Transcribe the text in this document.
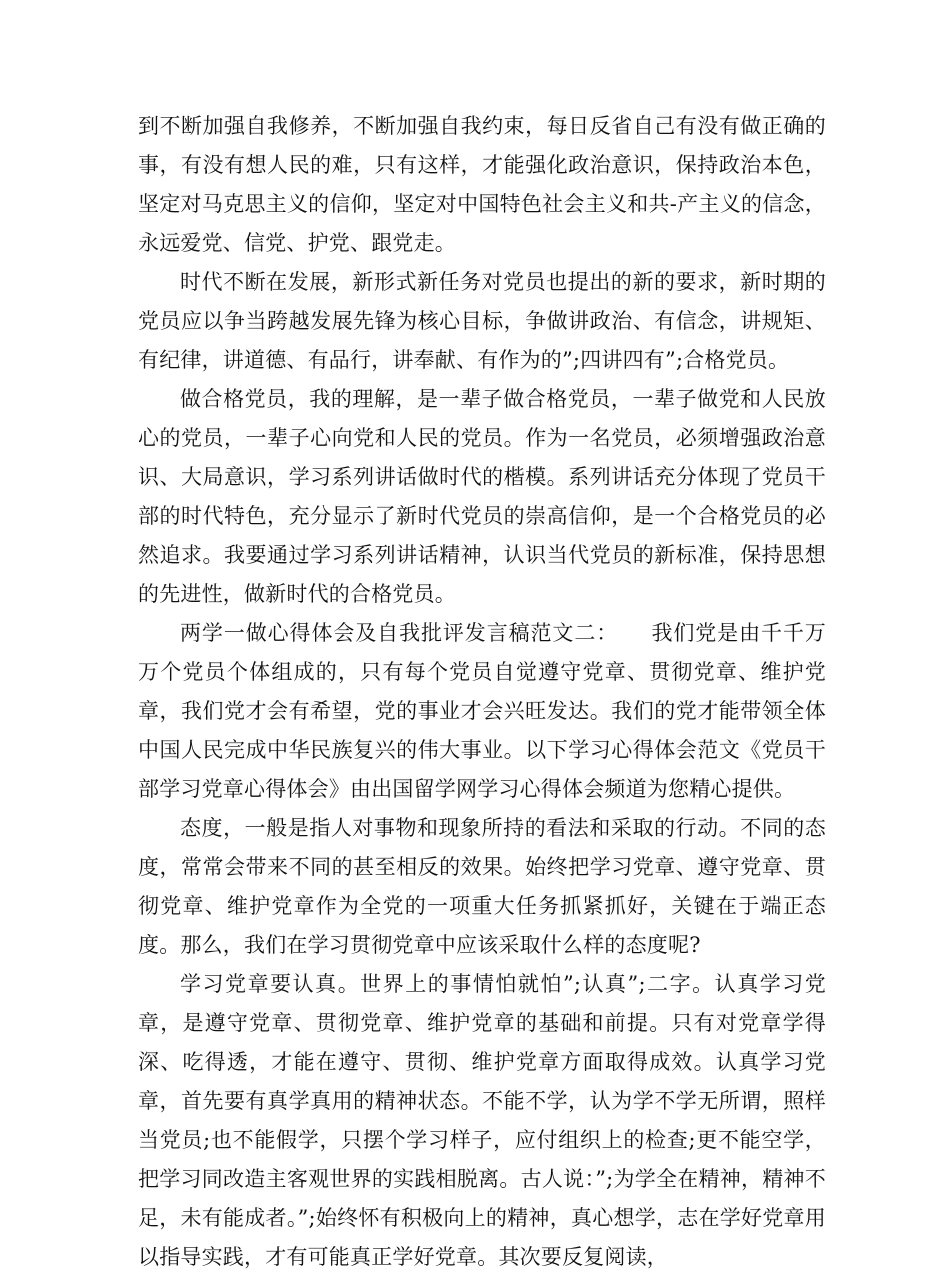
到不断加强自我修养，不断加强自我约束，每日反省自己有没有做正确的事，有没有想人民的难，只有这样，才能强化政治意识，保持政治本色，坚定对马克思主义的信仰，坚定对中国特色社会主义和共-产主义的信念，永远爱党、信党、护党、跟党走。

时代不断在发展，新形式新任务对党员也提出的新的要求，新时期的党员应以争当跨越发展先锋为核心目标，争做讲政治、有信念，讲规矩、有纪律，讲道德、有品行，讲奉献、有作为的”;四讲四有”;合格党员。

做合格党员，我的理解，是一辈子做合格党员，一辈子做党和人民放心的党员，一辈子心向党和人民的党员。作为一名党员，必须增强政治意识、大局意识，学习系列讲话做时代的楷模。系列讲话充分体现了党员干部的时代特色，充分显示了新时代党员的崇高信仰，是一个合格党员的必然追求。我要通过学习系列讲话精神，认识当代党员的新标准，保持思想的先进性，做新时代的合格党员。

两学一做心得体会及自我批评发言稿范文二：　　我们党是由千千万万个党员个体组成的，只有每个党员自觉遵守党章、贯彻党章、维护党章，我们党才会有希望，党的事业才会兴旺发达。我们的党才能带领全体中国人民完成中华民族复兴的伟大事业。以下学习心得体会范文《党员干部学习党章心得体会》由出国留学网学习心得体会频道为您精心提供。

态度，一般是指人对事物和现象所持的看法和采取的行动。不同的态度，常常会带来不同的甚至相反的效果。始终把学习党章、遵守党章、贯彻党章、维护党章作为全党的一项重大任务抓紧抓好，关键在于端正态度。那么，我们在学习贯彻党章中应该采取什么样的态度呢?

学习党章要认真。世界上的事情怕就怕”;认真”;二字。认真学习党章，是遵守党章、贯彻党章、维护党章的基础和前提。只有对党章学得深、吃得透，才能在遵守、贯彻、维护党章方面取得成效。认真学习党章，首先要有真学真用的精神状态。不能不学，认为学不学无所谓，照样当党员;也不能假学，只摆个学习样子，应付组织上的检查;更不能空学，把学习同改造主客观世界的实践相脱离。古人说：”;为学全在精神，精神不足，未有能成者。”;始终怀有积极向上的精神，真心想学，志在学好党章用以指导实践，才有可能真正学好党章。其次要反复阅读，
